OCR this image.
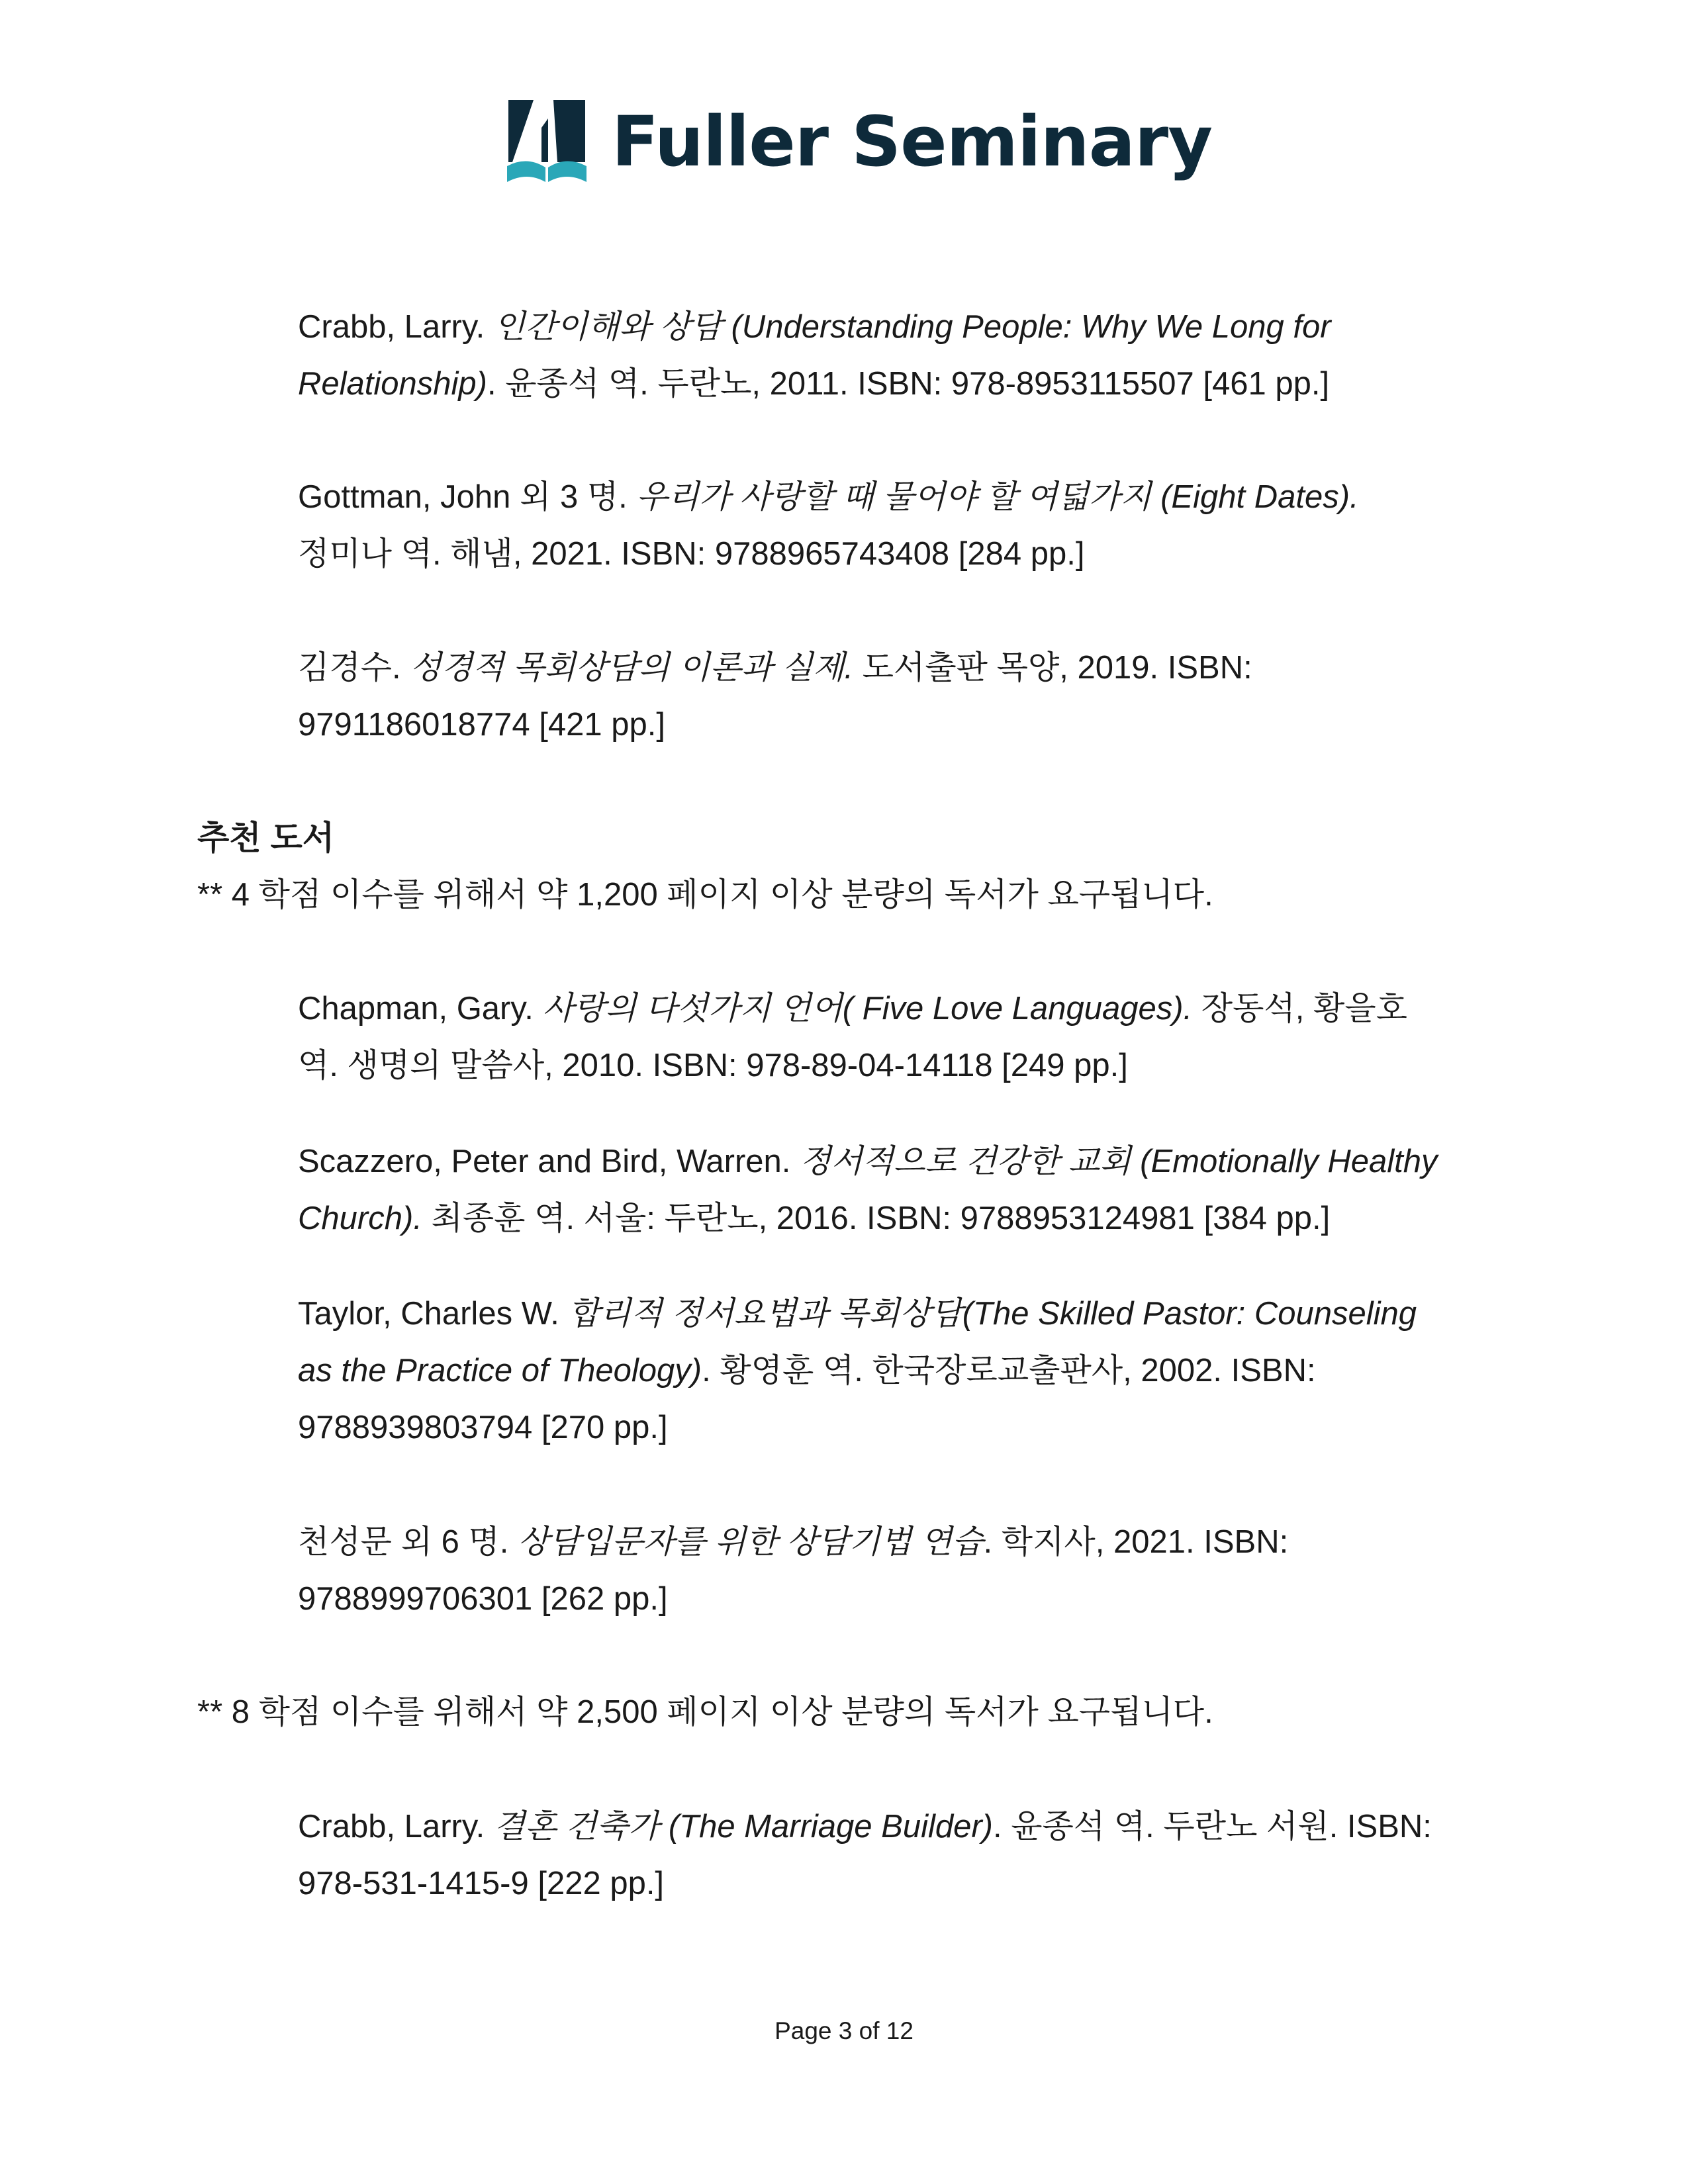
Fuller Seminary
Crabb, Larry. 인간이해와 상담 (Understanding People: Why We Long for
Relationship). 윤종석 역. 두란노, 2011. ISBN: 978-8953115507 [461 pp.]
Gottman, John 외 3 명. 우리가 사랑할 때 물어야 할 여덟가지 (Eight Dates).
정미나 역. 해냄, 2021. ISBN: 9788965743408 [284 pp.]
김경수. 성경적 목회상담의 이론과 실제. 도서출판 목양, 2019. ISBN:
9791186018774 [421 pp.]
추천 도서
** 4 학점 이수를 위해서 약 1,200 페이지 이상 분량의 독서가 요구됩니다.
Chapman, Gary. 사랑의 다섯가지 언어( Five Love Languages). 장동석, 황을호
역. 생명의 말씀사, 2010. ISBN: 978-89-04-14118 [249 pp.]
Scazzero, Peter and Bird, Warren. 정서적으로 건강한 교회 (Emotionally Healthy
Church). 최종훈 역. 서울: 두란노, 2016. ISBN: 9788953124981 [384 pp.]
Taylor, Charles W. 합리적 정서요법과 목회상담(The Skilled Pastor: Counseling
as the Practice of Theology). 황영훈 역. 한국장로교출판사, 2002. ISBN:
9788939803794 [270 pp.]
천성문 외 6 명. 상담입문자를 위한 상담기법 연습. 학지사, 2021. ISBN:
9788999706301 [262 pp.]
** 8 학점 이수를 위해서 약 2,500 페이지 이상 분량의 독서가 요구됩니다.
Crabb, Larry. 결혼 건축가 (The Marriage Builder). 윤종석 역. 두란노 서원. ISBN:
978-531-1415-9 [222 pp.]
Page 3 of 12
